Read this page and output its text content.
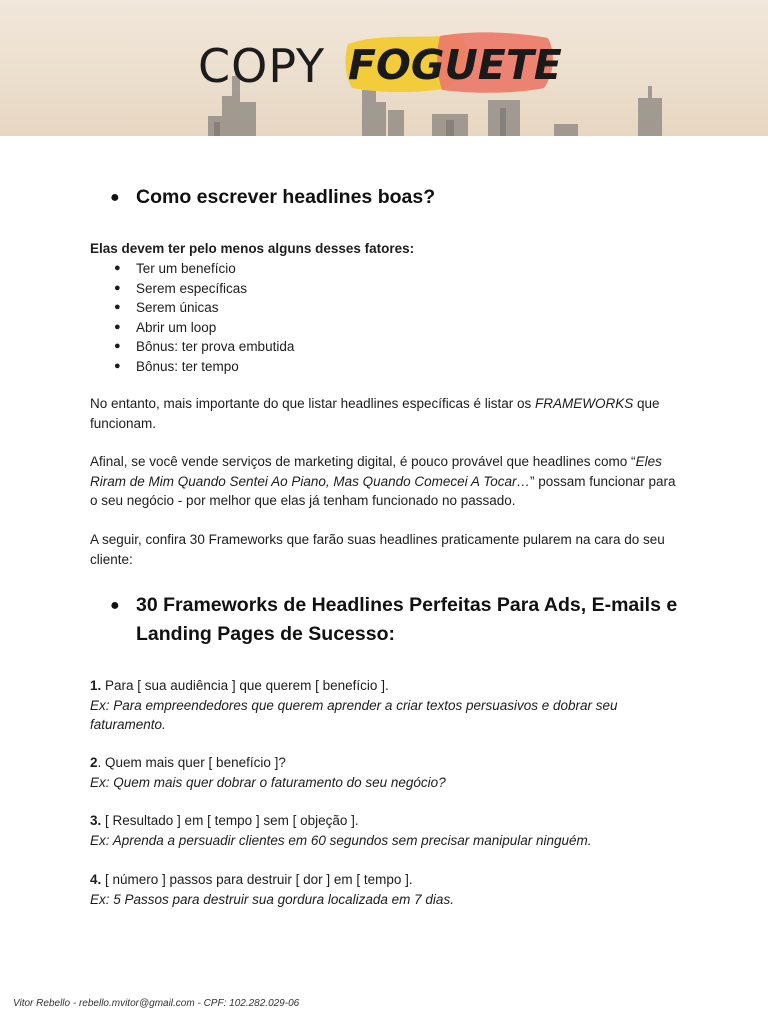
COPY FOGUETE
● Como escrever headlines boas?

Elas devem ter pelo menos alguns desses fatores:

● Ter um benefício
● Serem específicas
● Serem únicas
● Abrir um loop
● Bônus: ter prova embutida
● Bônus: ter tempo

No entanto, mais importante do que listar headlines específicas é listar os FRAMEWORKS que funcionam.

Afinal, se você vende serviços de marketing digital, é pouco provável que headlines como “Eles Riram de Mim Quando Sentei Ao Piano, Mas Quando Comecei A Tocar…” possam funcionar para o seu negócio - por melhor que elas já tenham funcionado no passado.

A seguir, confira 30 Frameworks que farão suas headlines praticamente pularem na cara do seu cliente:

● 30 Frameworks de Headlines Perfeitas Para Ads, E-mails e Landing Pages de Sucesso:

1. Para [ sua audiência ] que querem [ benefício ].

Ex: Para empreendedores que querem aprender a criar textos persuasivos e dobrar seu faturamento.

2. Quem mais quer [ benefício ]?

Ex: Quem mais quer dobrar o faturamento do seu negócio?

3. [ Resultado ] em [ tempo ] sem [ objeção ].

Ex: Aprenda a persuadir clientes em 60 segundos sem precisar manipular ninguém.

4. [ número ] passos para destruir [ dor ] em [ tempo ].

Ex: 5 Passos para destruir sua gordura localizada em 7 dias.

Vitor Rebello - rebello.mvitor@gmail.com - CPF: 102.282.029-06
